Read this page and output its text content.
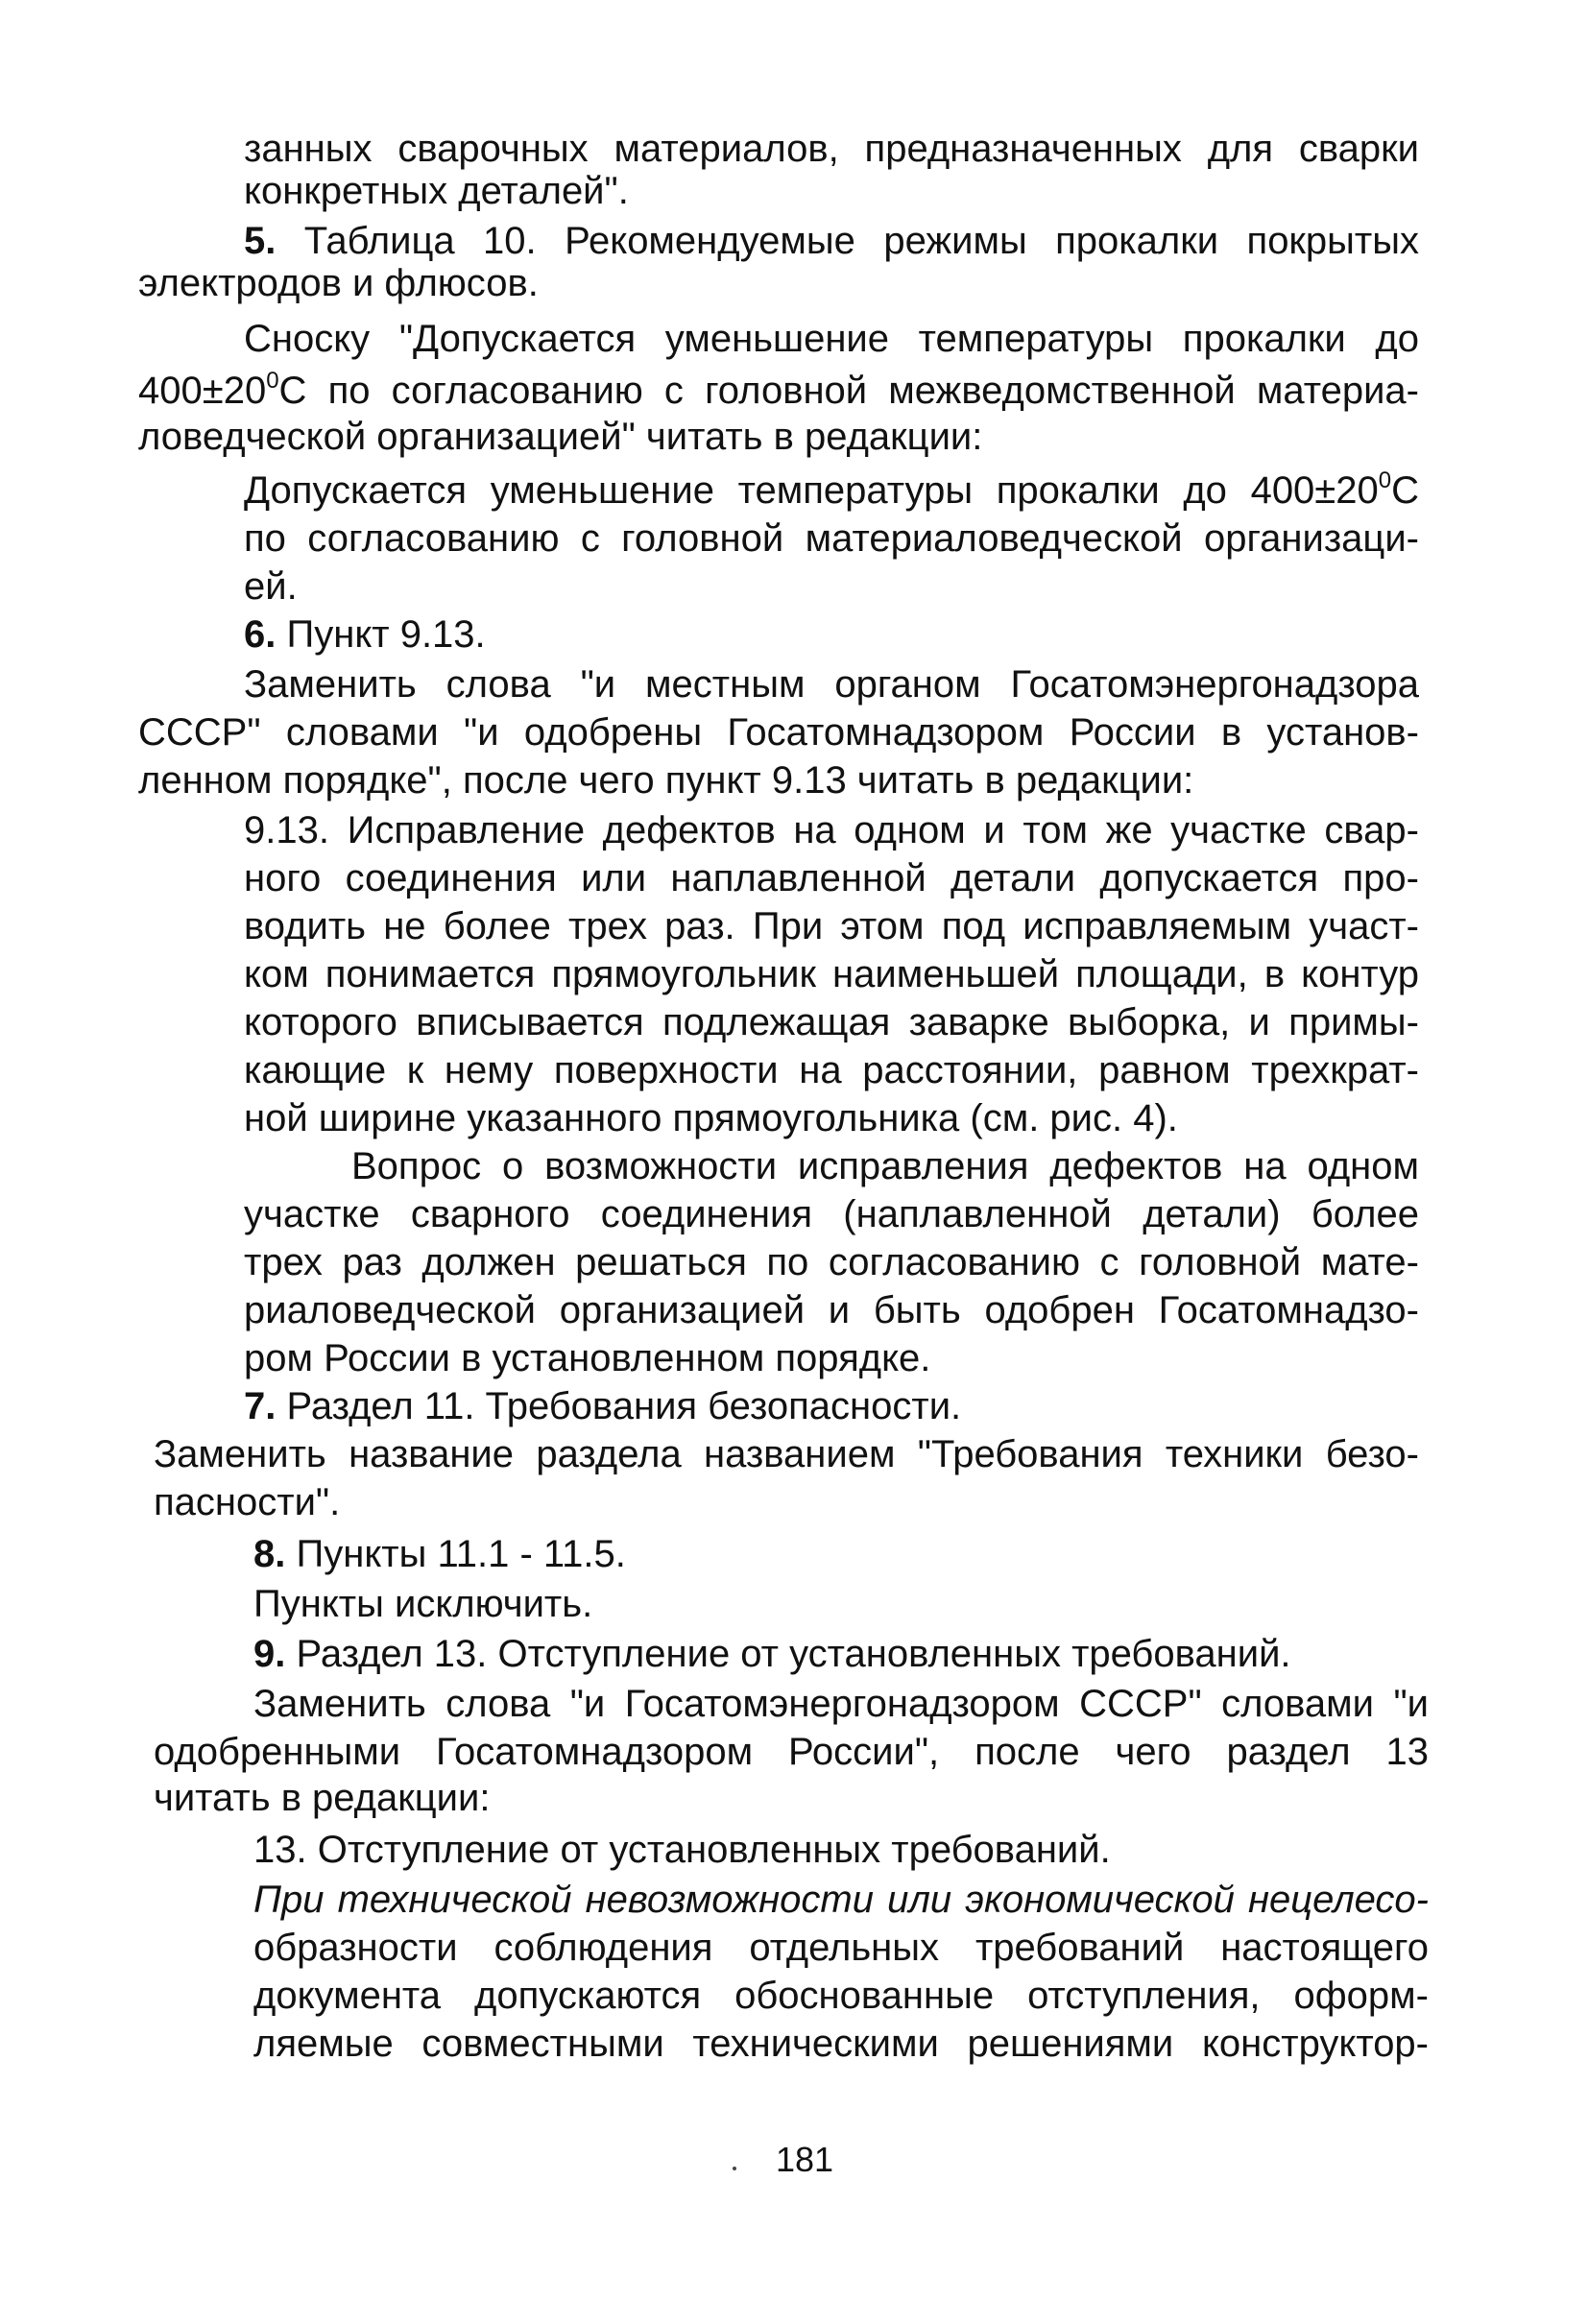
занных сварочных материалов, предназначенных для сварки
конкретных деталей".
5. Таблица 10. Рекомендуемые режимы прокалки покрытых
электродов и флюсов.
Сноску "Допускается уменьшение температуры прокалки до
$400\pm 20^0С$ по согласованию с головной межведомственной материа-
ловедческой организацией" читать в редакции:
Допускается уменьшение температуры прокалки до $400\pm 20^0С$
по согласованию с головной материаловедческой организаци-
ей.
6. Пункт 9.13.
Заменить слова "и местным органом Госатомэнергонадзора
СССР" словами "и одобрены Госатомнадзором России в установ-
ленном порядке", после чего пункт 9.13 читать в редакции:
9.13. Исправление дефектов на одном и том же участке свар-
ного соединения или наплавленной детали допускается про-
водить не более трех раз. При этом под исправляемым участ-
ком понимается прямоугольник наименьшей площади, в контур
которого вписывается подлежащая заварке выборка, и примы-
кающие к нему поверхности на расстоянии, равном трехкрат-
ной ширине указанного прямоугольника (см. рис. 4).
Вопрос о возможности исправления дефектов на одном
участке сварного соединения (наплавленной детали) более
трех раз должен решаться по согласованию с головной мате-
риаловедческой организацией и быть одобрен Госатомнадзо-
ром России в установленном порядке.
7. Раздел 11. Требования безопасности.
Заменить название раздела названием "Требования техники безо-
пасности".
8. Пункты 11.1 - 11.5.
Пункты исключить.
9. Раздел 13. Отступление от установленных требований.
Заменить слова "и Госатомэнергонадзором СССР" словами "и
одобренными Госатомнадзором России", после чего раздел 13
читать в редакции:
13. Отступление от установленных требований.
При технической невозможности или экономической нецелесо-
образности соблюдения отдельных требований настоящего
документа допускаются обоснованные отступления, оформ-
ляемые совместными техническими решениями конструктор-
181
